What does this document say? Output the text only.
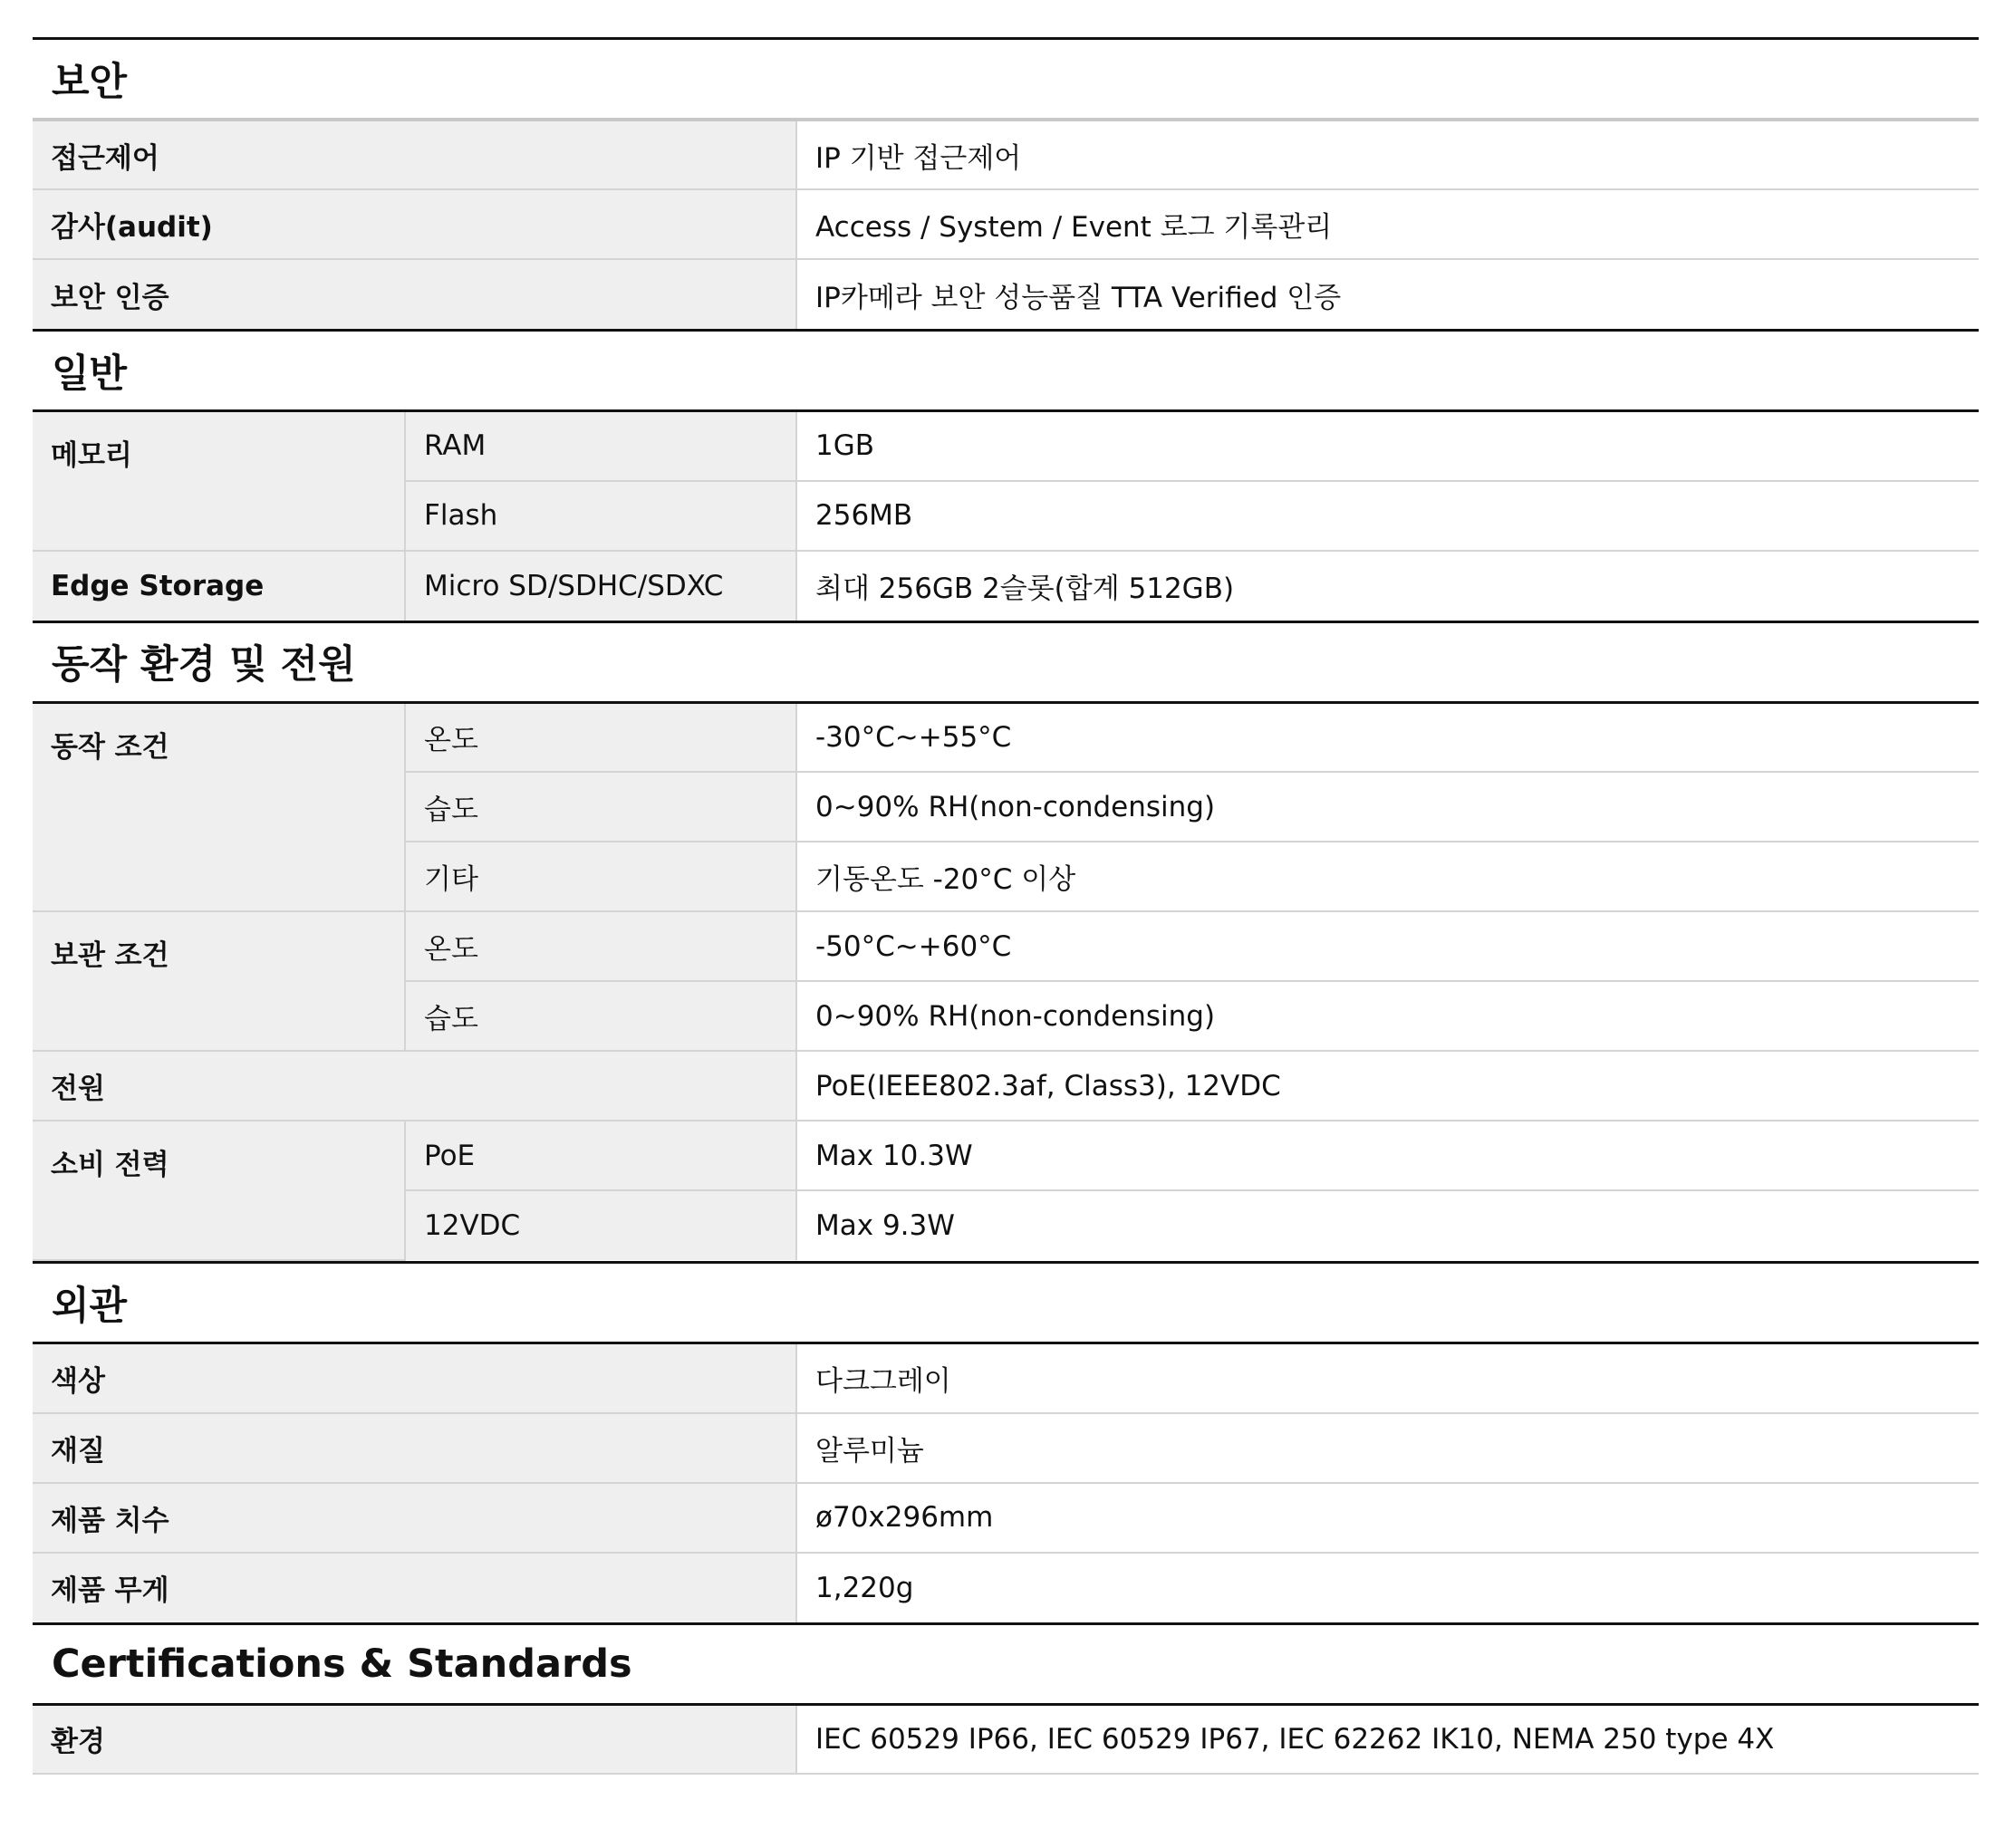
보안
접근제어	IP 기반 접근제어
감사(audit)	Access / System / Event 로그 기록관리
보안 인증	IP카메라 보안 성능품질 TTA Verified 인증
일반
메모리	RAM	1GB
	Flash	256MB
Edge Storage	Micro SD/SDHC/SDXC	최대 256GB 2슬롯(합계 512GB)
동작 환경 및 전원
동작 조건	온도	-30°C~+55°C
	습도	0~90% RH(non-condensing)
	기타	기동온도 -20°C 이상
보관 조건	온도	-50°C~+60°C
	습도	0~90% RH(non-condensing)
전원		PoE(IEEE802.3af, Class3), 12VDC
소비 전력	PoE	Max 10.3W
	12VDC	Max 9.3W
외관
색상	다크그레이
재질	알루미늄
제품 치수	ø70x296mm
제품 무게	1,220g
Certifications & Standards
환경	IEC 60529 IP66, IEC 60529 IP67, IEC 62262 IK10, NEMA 250 type 4X
